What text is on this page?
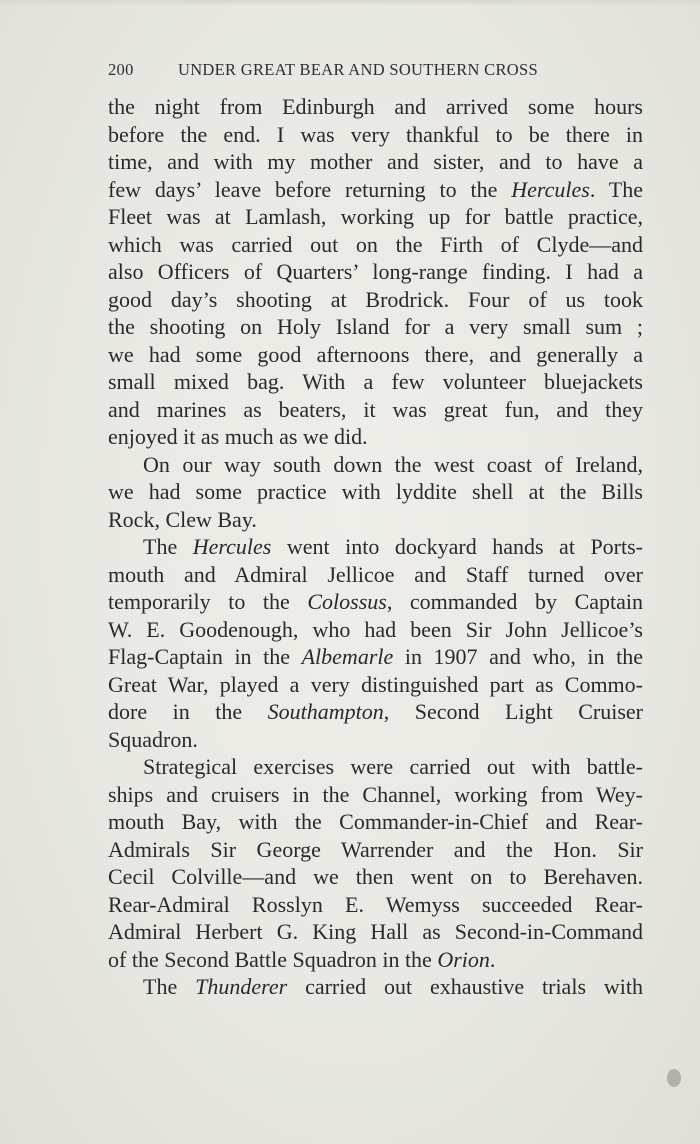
200	UNDER GREAT BEAR AND SOUTHERN CROSS
the night from Edinburgh and arrived some hours
before the end. I was very thankful to be there in
time, and with my mother and sister, and to have a
few days’ leave before returning to the Hercules. The
Fleet was at Lamlash, working up for battle practice,
which was carried out on the Firth of Clyde—and
also Officers of Quarters’ long-range finding. I had a
good day’s shooting at Brodrick. Four of us took
the shooting on Holy Island for a very small sum ;
we had some good afternoons there, and generally a
small mixed bag. With a few volunteer bluejackets
and marines as beaters, it was great fun, and they
enjoyed it as much as we did.
On our way south down the west coast of Ireland,
we had some practice with lyddite shell at the Bills
Rock, Clew Bay.
The Hercules went into dockyard hands at Ports-
mouth and Admiral Jellicoe and Staff turned over
temporarily to the Colossus, commanded by Captain
W. E. Goodenough, who had been Sir John Jellicoe’s
Flag-Captain in the Albemarle in 1907 and who, in the
Great War, played a very distinguished part as Commo-
dore in the Southampton, Second Light Cruiser
Squadron.
Strategical exercises were carried out with battle-
ships and cruisers in the Channel, working from Wey-
mouth Bay, with the Commander-in-Chief and Rear-
Admirals Sir George Warrender and the Hon. Sir
Cecil Colville—and we then went on to Berehaven.
Rear-Admiral Rosslyn E. Wemyss succeeded Rear-
Admiral Herbert G. King Hall as Second-in-Command
of the Second Battle Squadron in the Orion.
The Thunderer carried out exhaustive trials with
